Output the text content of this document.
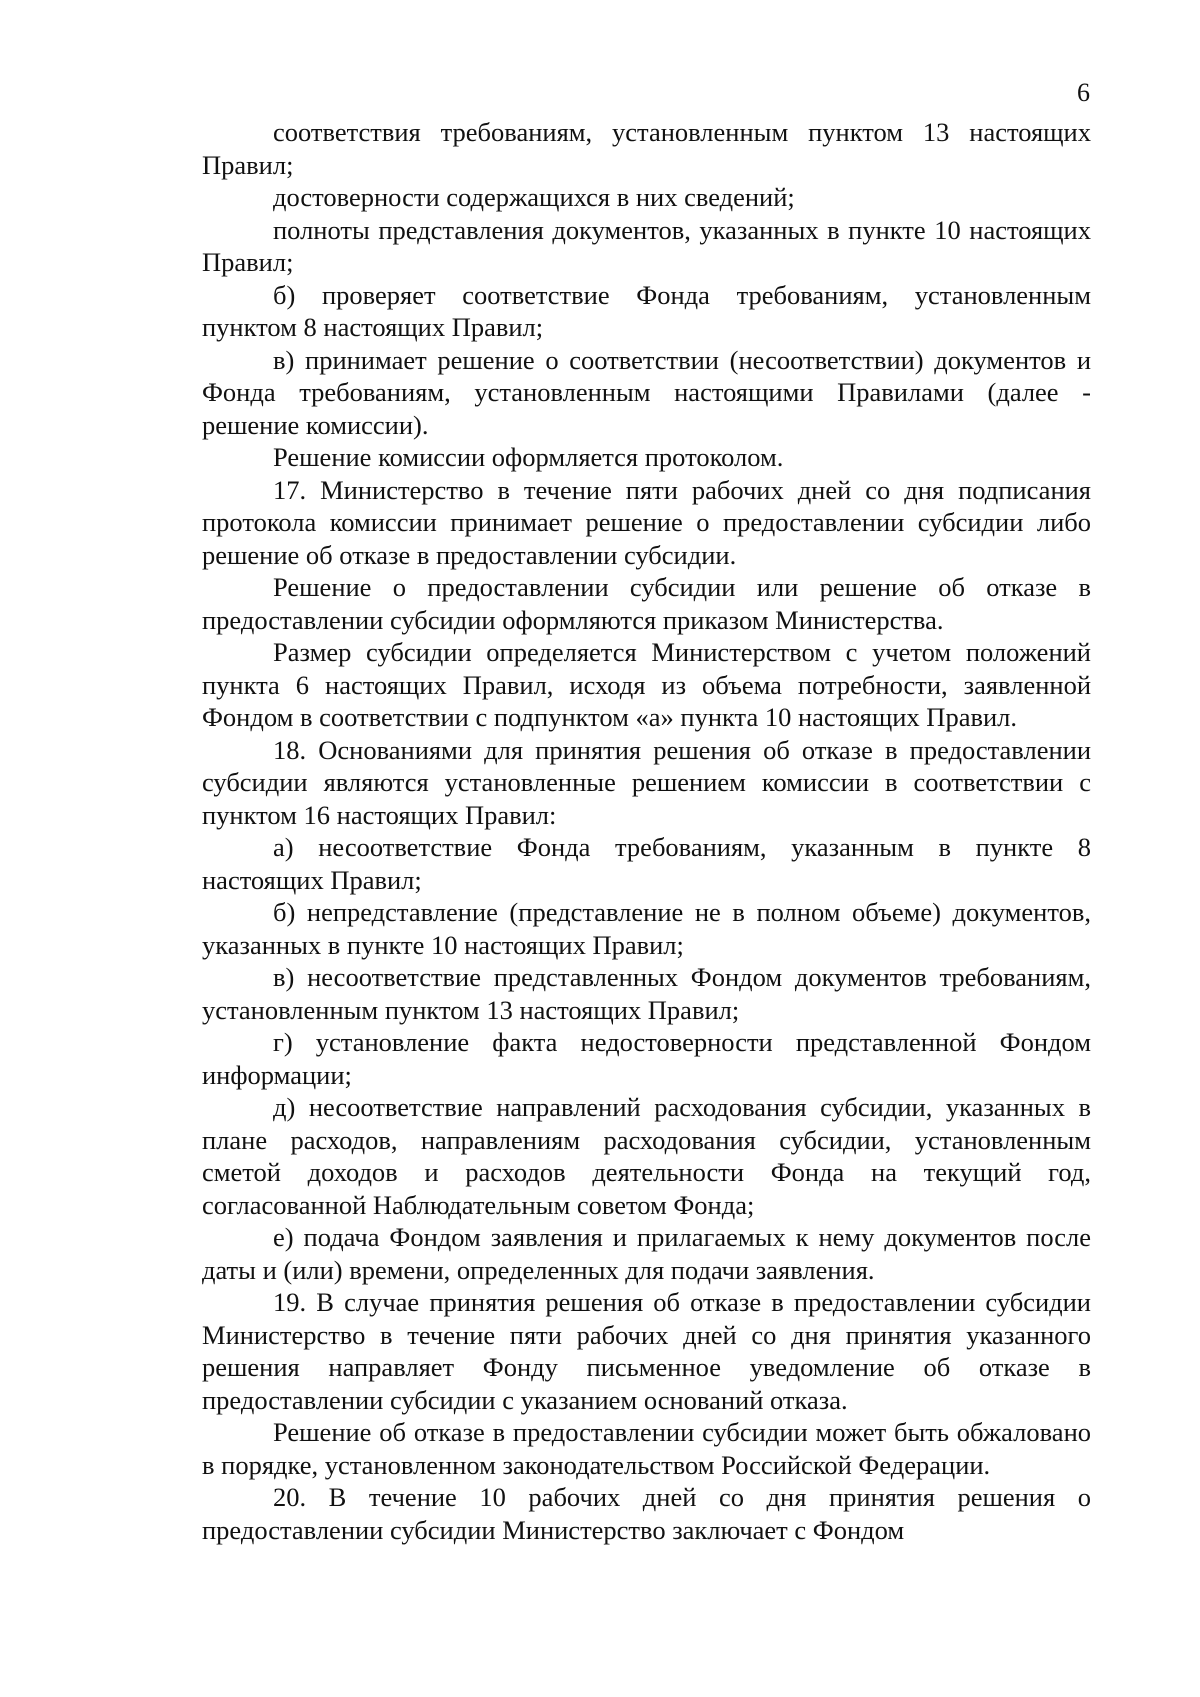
6

соответствия требованиям, установленным пунктом 13 настоящих Правил;

достоверности содержащихся в них сведений;

полноты представления документов, указанных в пункте 10 настоящих Правил;

б) проверяет соответствие Фонда требованиям, установленным пунктом 8 настоящих Правил;

в) принимает решение о соответствии (несоответствии) документов и Фонда требованиям, установленным настоящими Правилами (далее - решение комиссии).

Решение комиссии оформляется протоколом.

17. Министерство в течение пяти рабочих дней со дня подписания протокола комиссии принимает решение о предоставлении субсидии либо решение об отказе в предоставлении субсидии.

Решение о предоставлении субсидии или решение об отказе в предоставлении субсидии оформляются приказом Министерства.

Размер субсидии определяется Министерством с учетом положений пункта 6 настоящих Правил, исходя из объема потребности, заявленной Фондом в соответствии с подпунктом «а» пункта 10 настоящих Правил.

18. Основаниями для принятия решения об отказе в предоставлении субсидии являются установленные решением комиссии в соответствии с пунктом 16 настоящих Правил:

а) несоответствие Фонда требованиям, указанным в пункте 8 настоящих Правил;

б) непредставление (представление не в полном объеме) документов, указанных в пункте 10 настоящих Правил;

в) несоответствие представленных Фондом документов требованиям, установленным пунктом 13 настоящих Правил;

г) установление факта недостоверности представленной Фондом информации;

д) несоответствие направлений расходования субсидии, указанных в плане расходов, направлениям расходования субсидии, установленным сметой доходов и расходов деятельности Фонда на текущий год, согласованной Наблюдательным советом Фонда;

е) подача Фондом заявления и прилагаемых к нему документов после даты и (или) времени, определенных для подачи заявления.

19. В случае принятия решения об отказе в предоставлении субсидии Министерство в течение пяти рабочих дней со дня принятия указанного решения направляет Фонду письменное уведомление об отказе в предоставлении субсидии с указанием оснований отказа.

Решение об отказе в предоставлении субсидии может быть обжаловано в порядке, установленном законодательством Российской Федерации.

20. В течение 10 рабочих дней со дня принятия решения о предоставлении субсидии Министерство заключает с Фондом
